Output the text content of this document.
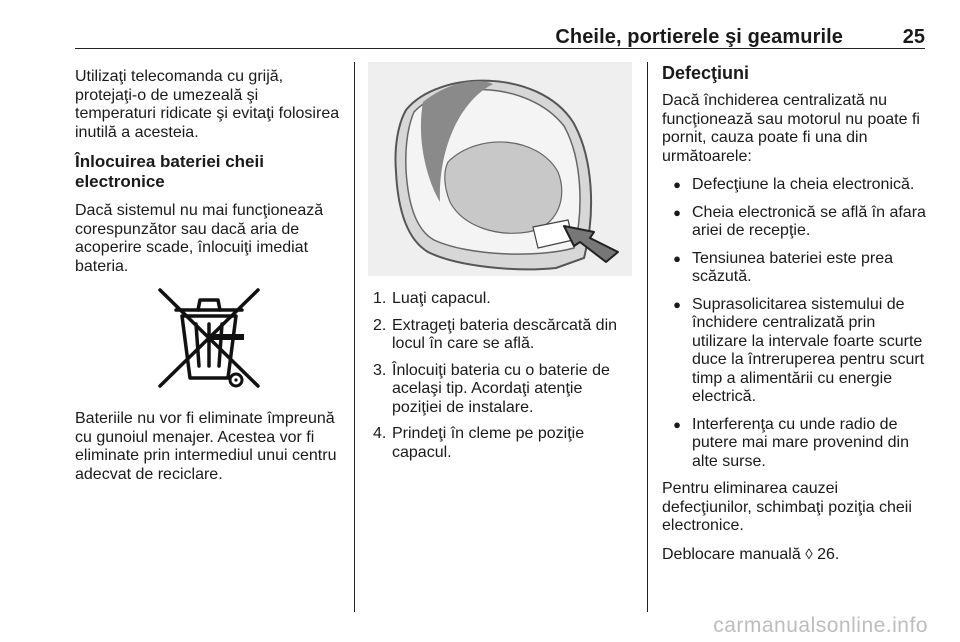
Cheile, portierele şi geamurile	25

Utilizaţi telecomanda cu grijă, protejaţi-o de umezeală şi temperaturi ridicate şi evitaţi folosirea inutilă a acesteia.

Înlocuirea bateriei cheii electronice

Dacă sistemul nu mai funcţionează corespunzător sau dacă aria de acoperire scade, înlocuiţi imediat bateria.

Bateriile nu vor fi eliminate împreună cu gunoiul menajer. Acestea vor fi eliminate prin intermediul unui centru adecvat de reciclare.

1. Luaţi capacul.
2. Extrageţi bateria descărcată din locul în care se află.
3. Înlocuiţi bateria cu o baterie de acelaşi tip. Acordaţi atenţie poziţiei de instalare.
4. Prindeţi în cleme pe poziţie capacul.
Defecţiuni

Dacă închiderea centralizată nu funcţionează sau motorul nu poate fi pornit, cauza poate fi una din următoarele:

● Defecţiune la cheia electronică.
● Cheia electronică se află în afara ariei de recepţie.
● Tensiunea bateriei este prea scăzută.
● Suprasolicitarea sistemului de închidere centralizată prin utilizare la intervale foarte scurte duce la întreruperea pentru scurt timp a alimentării cu energie electrică.
● Interferenţa cu unde radio de putere mai mare provenind din alte surse.

Pentru eliminarea cauzei defecţiunilor, schimbaţi poziţia cheii electronice.

Deblocare manuală ◊ 26.

carmanualsonline.info
